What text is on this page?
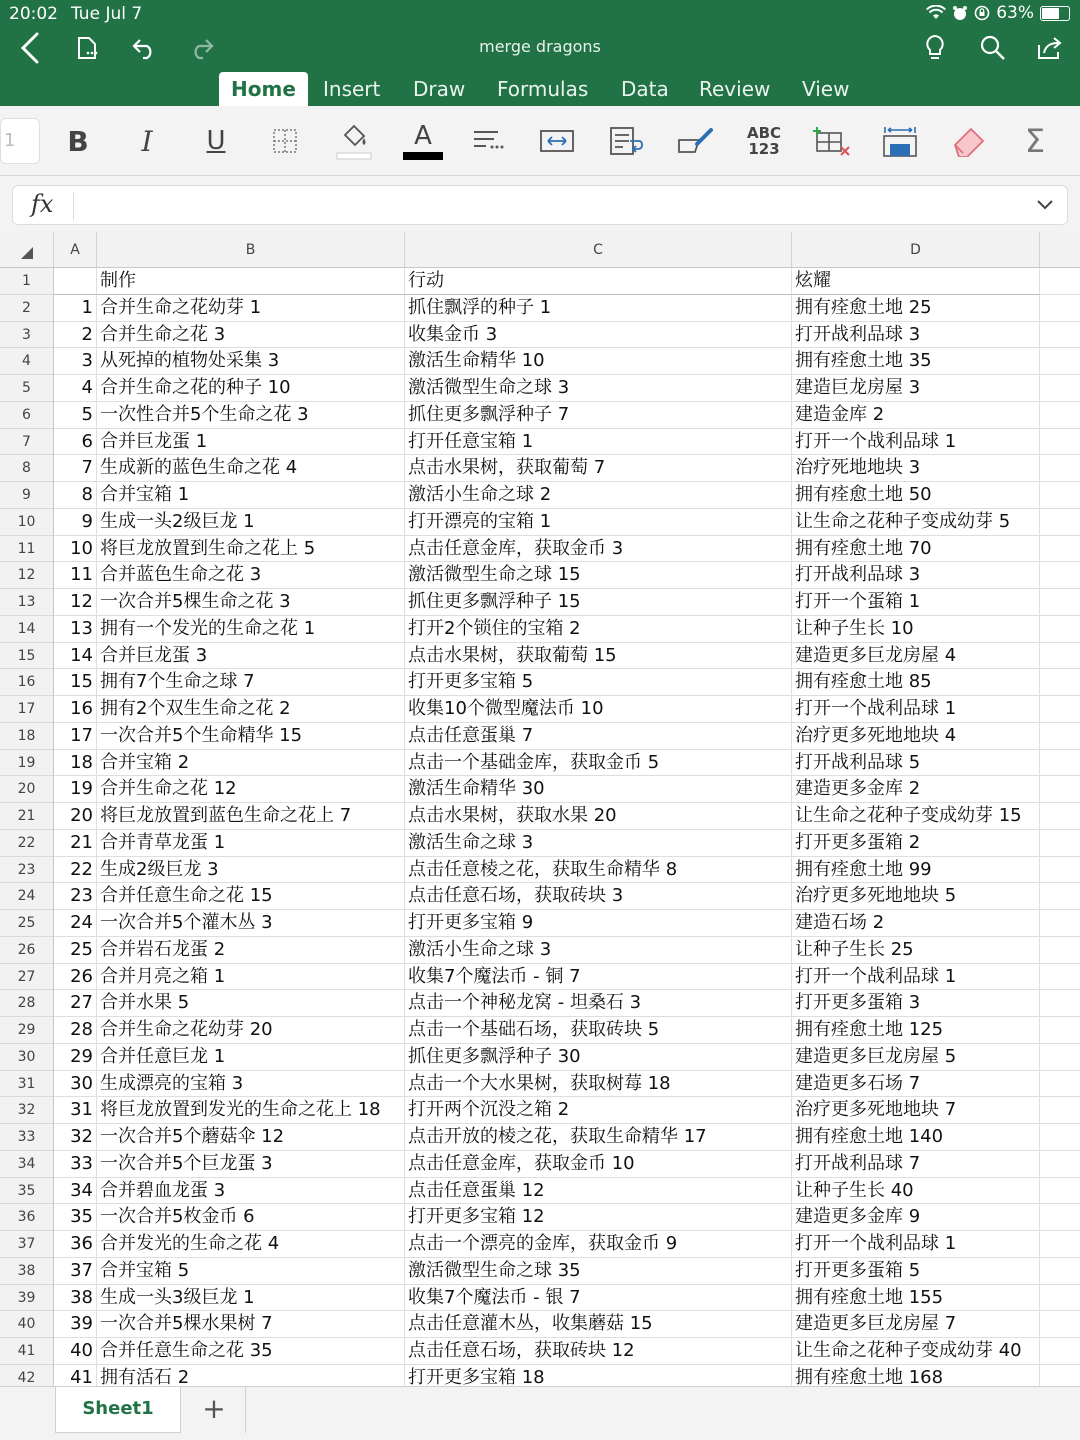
20:02 Tue Jul 7	63%
merge dragons
Home	Insert	Draw	Formulas	Data	Review	View
1	B	I	U	A	ABC
123	Σ
fx
A	B	C	D
1	制作	行动	炫耀
2	1 合并生命之花幼芽 1	抓住飘浮的种子 1	拥有痊愈土地 25
3	2 合并生命之花 3	收集金币 3	打开战利品球 3
4	3 从死掉的植物处采集 3	激活生命精华 10	拥有痊愈土地 35
5	4 合并生命之花的种子 10	激活微型生命之球 3	建造巨龙房屋 3
6	5 一次性合并5个生命之花 3	抓住更多飘浮种子 7	建造金库 2
7	6 合并巨龙蛋 1	打开任意宝箱 1	打开一个战利品球 1
8	7 生成新的蓝色生命之花 4	点击水果树，获取葡萄 7	治疗死地地块 3
9	8 合并宝箱 1	激活小生命之球 2	拥有痊愈土地 50
10	9 生成一头2级巨龙 1	打开漂亮的宝箱 1	让生命之花种子变成幼芽 5
11	10 将巨龙放置到生命之花上 5	点击任意金库，获取金币 3	拥有痊愈土地 70
12	11 合并蓝色生命之花 3	激活微型生命之球 15	打开战利品球 3
13	12 一次合并5棵生命之花 3	抓住更多飘浮种子 15	打开一个蛋箱 1
14	13 拥有一个发光的生命之花 1	打开2个锁住的宝箱 2	让种子生长 10
15	14 合并巨龙蛋 3	点击水果树，获取葡萄 15	建造更多巨龙房屋 4
16	15 拥有7个生命之球 7	打开更多宝箱 5	拥有痊愈土地 85
17	16 拥有2个双生生命之花 2	收集10个微型魔法币 10	打开一个战利品球 1
18	17 一次合并5个生命精华 15	点击任意蛋巢 7	治疗更多死地地块 4
19	18 合并宝箱 2	点击一个基础金库，获取金币 5	打开战利品球 5
20	19 合并生命之花 12	激活生命精华 30	建造更多金库 2
21	20 将巨龙放置到蓝色生命之花上 7	点击水果树，获取水果 20	让生命之花种子变成幼芽 15
22	21 合并青草龙蛋 1	激活生命之球 3	打开更多蛋箱 2
23	22 生成2级巨龙 3	点击任意棱之花，获取生命精华 8	拥有痊愈土地 99
24	23 合并任意生命之花 15	点击任意石场，获取砖块 3	治疗更多死地地块 5
25	24 一次合并5个灌木丛 3	打开更多宝箱 9	建造石场 2
26	25 合并岩石龙蛋 2	激活小生命之球 3	让种子生长 25
27	26 合并月亮之箱 1	收集7个魔法币 - 铜 7	打开一个战利品球 1
28	27 合并水果 5	点击一个神秘龙窝 - 坦桑石 3	打开更多蛋箱 3
29	28 合并生命之花幼芽 20	点击一个基础石场，获取砖块 5	拥有痊愈土地 125
30	29 合并任意巨龙 1	抓住更多飘浮种子 30	建造更多巨龙房屋 5
31	30 生成漂亮的宝箱 3	点击一个大水果树，获取树莓 18	建造更多石场 7
32	31 将巨龙放置到发光的生命之花上 18	打开两个沉没之箱 2	治疗更多死地地块 7
33	32 一次合并5个蘑菇伞 12	点击开放的棱之花，获取生命精华 17	拥有痊愈土地 140
34	33 一次合并5个巨龙蛋 3	点击任意金库，获取金币 10	打开战利品球 7
35	34 合并碧血龙蛋 3	点击任意蛋巢 12	让种子生长 40
36	35 一次合并5枚金币 6	打开更多宝箱 12	建造更多金库 9
37	36 合并发光的生命之花 4	点击一个漂亮的金库，获取金币 9	打开一个战利品球 1
38	37 合并宝箱 5	激活微型生命之球 35	打开更多蛋箱 5
39	38 生成一头3级巨龙 1	收集7个魔法币 - 银 7	拥有痊愈土地 155
40	39 一次合并5棵水果树 7	点击任意灌木丛，收集蘑菇 15	建造更多巨龙房屋 7
41	40 合并任意生命之花 35	点击任意石场，获取砖块 12	让生命之花种子变成幼芽 40
42	41 拥有活石 2	打开更多宝箱 18	拥有痊愈土地 168
Sheet1	+
